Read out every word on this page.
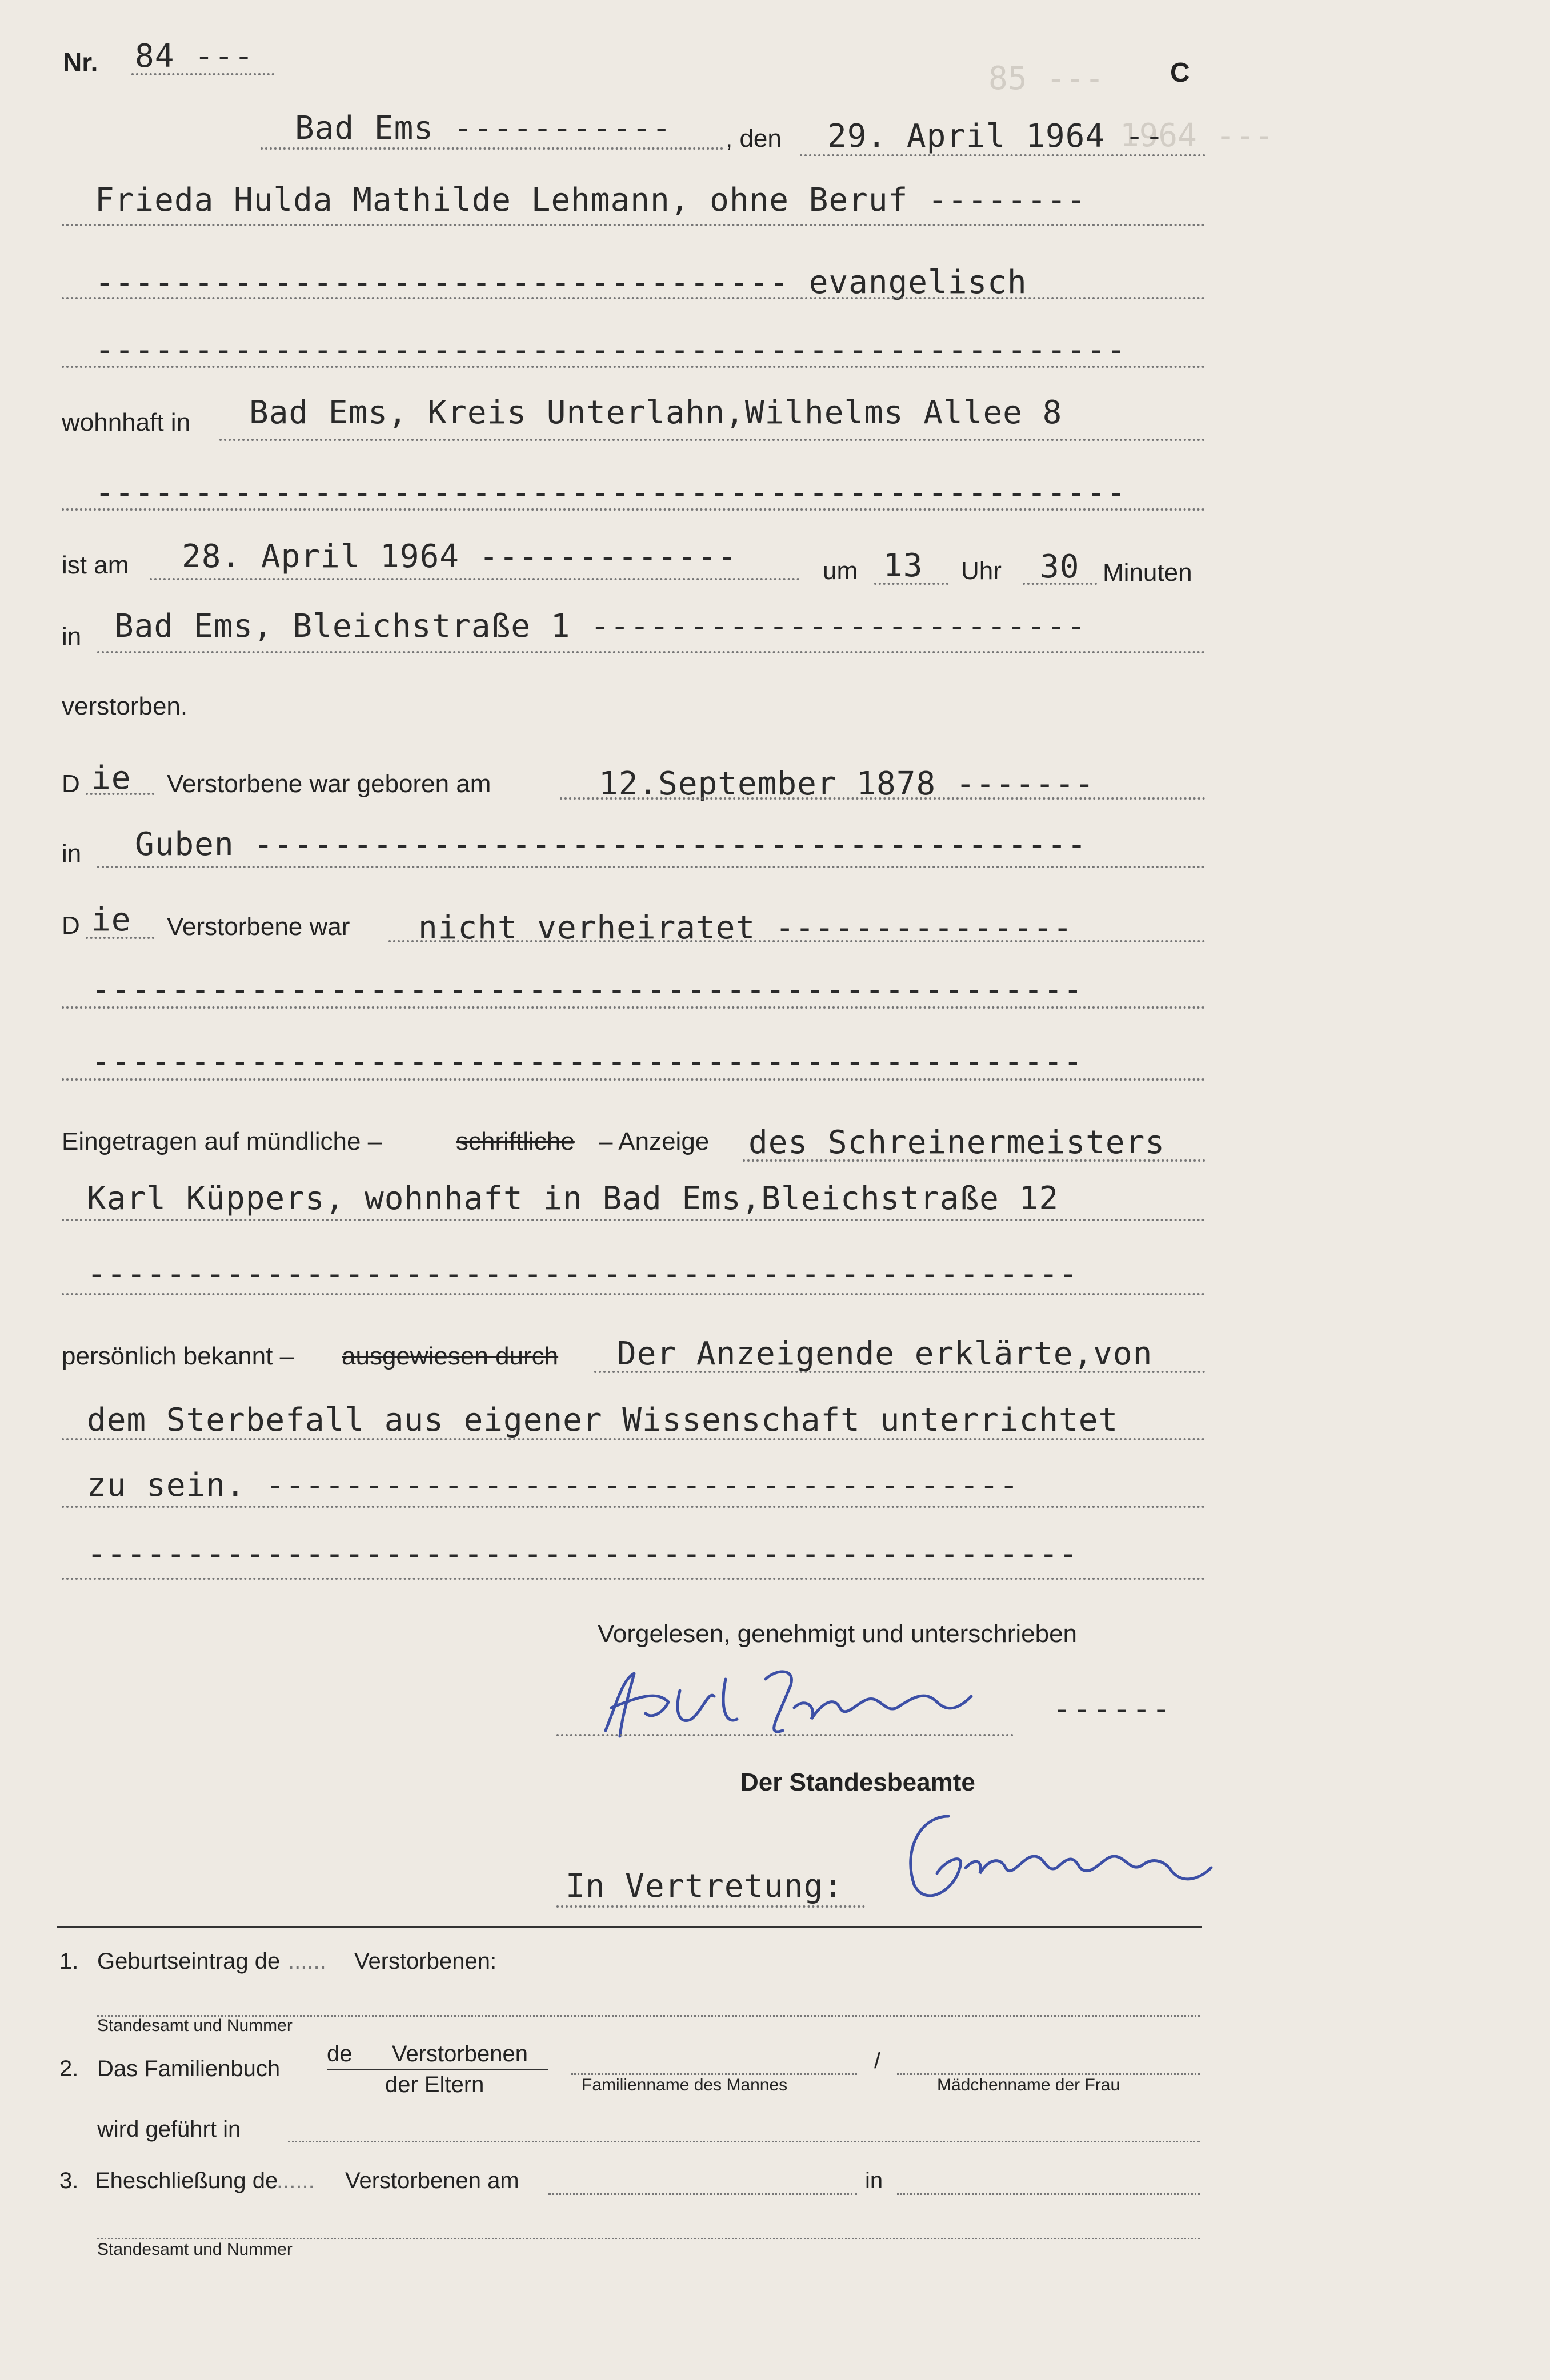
85 ---
1964 ---
Nr. 84 ---	C
Bad Ems ----------- , den 29. April 1964 --
Frieda Hulda Mathilde Lehmann, ohne Beruf --------
----------------------------------- evangelisch
----------------------------------------------------
wohnhaft in Bad Ems, Kreis Unterlahn,Wilhelms Allee 8
----------------------------------------------------
ist am 28. April 1964 -------------	um 13 Uhr 30 Minuten
in Bad Ems, Bleichstraße 1 -------------------------
verstorben.
D ie Verstorbene war geboren am	12.September 1878 -------
in Guben ------------------------------------------
D ie Verstorbene war nicht verheiratet ---------------
--------------------------------------------------
--------------------------------------------------
Eingetragen auf mündliche –	schriftliche – Anzeige des Schreinermeisters
Karl Küppers, wohnhaft in Bad Ems,Bleichstraße 12
--------------------------------------------------
persönlich bekannt – ausgewiesen durch Der Anzeigende erklärte,von
dem Sterbefall aus eigener Wissenschaft unterrichtet
zu sein. --------------------------------------
--------------------------------------------------
Vorgelesen, genehmigt und unterschrieben
------
Der Standesbeamte
In Vertretung:
1. Geburtseintrag de ...... Verstorbenen:
Standesamt und Nummer
2. Das Familienbuch
de Verstorbenen
der Eltern	Familienname des Mannes
/
Mädchenname der Frau
wird geführt in
3. Eheschließung de
...... Verstorbenen am	in
Standesamt und Nummer
